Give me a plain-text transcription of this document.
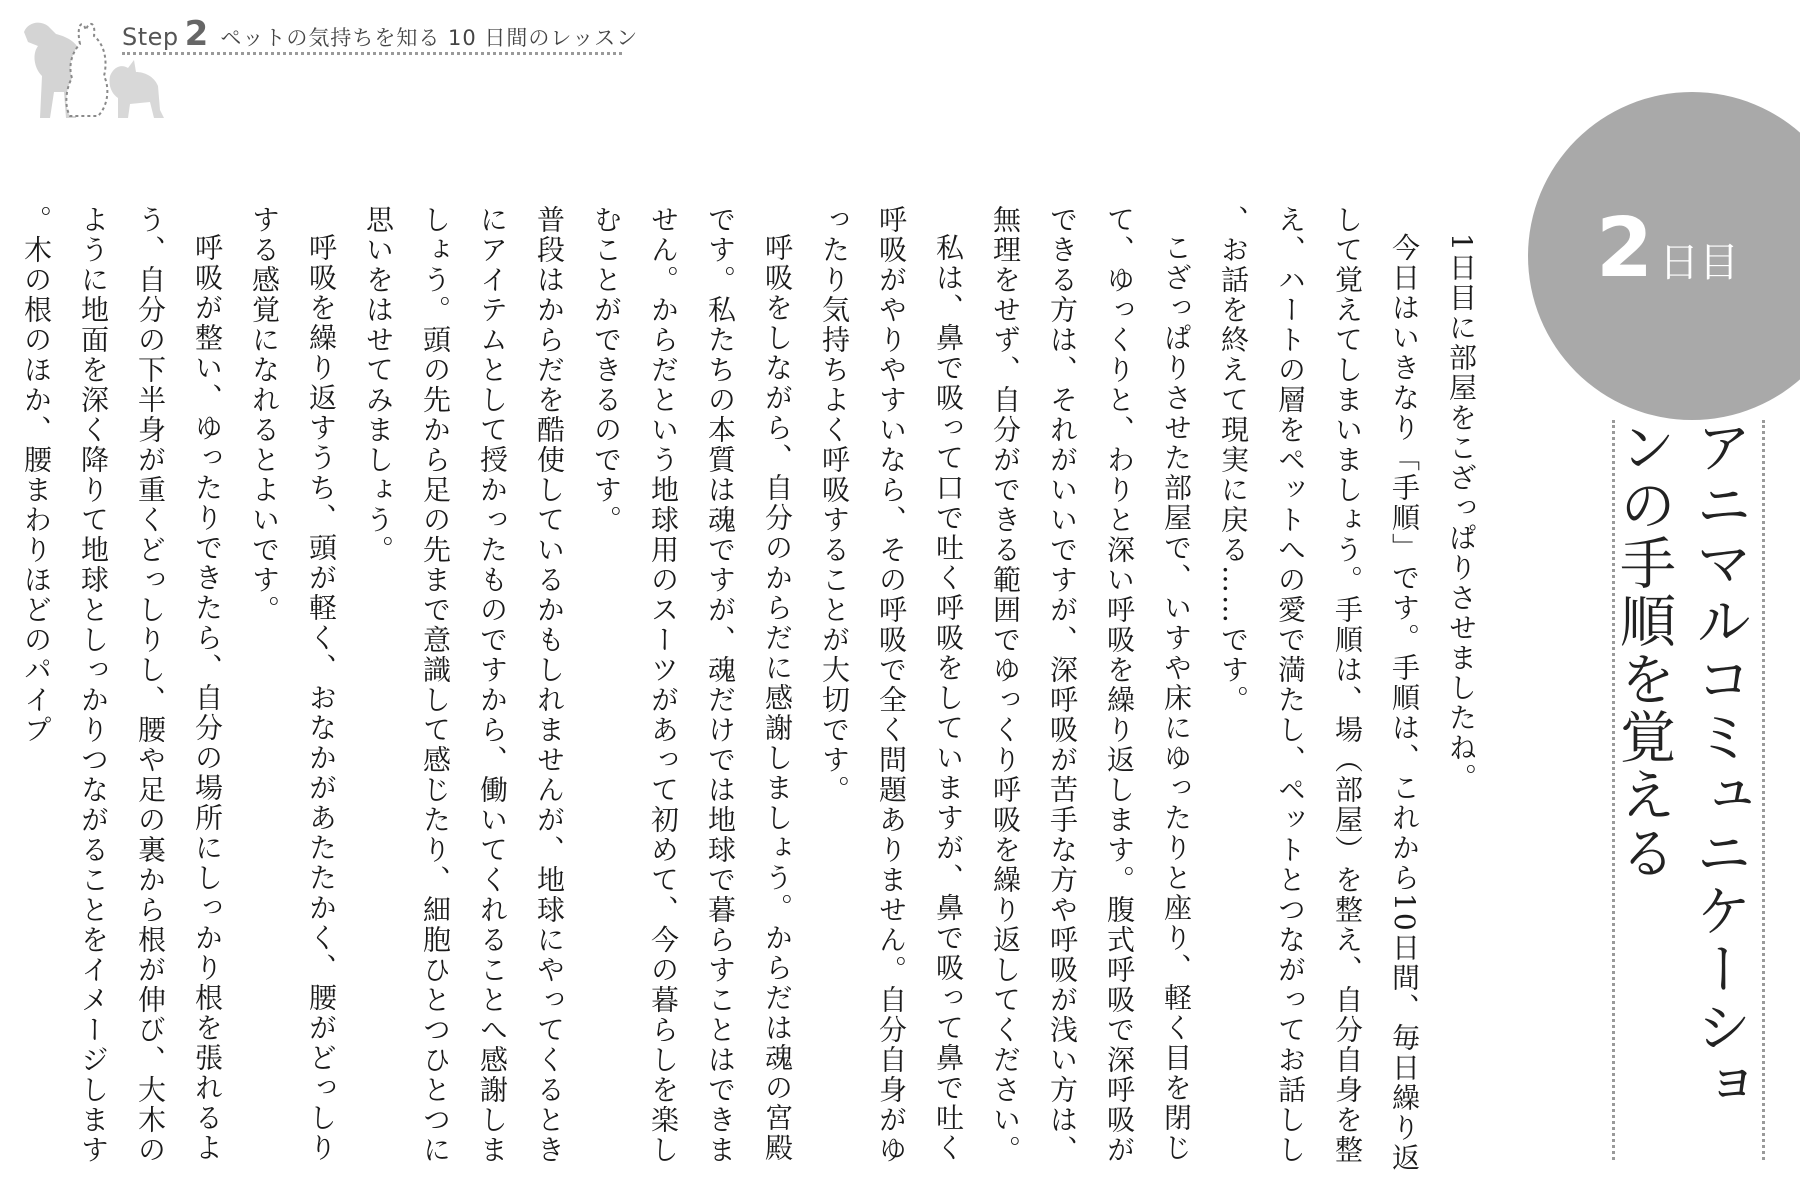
Step 2 ペットの気持ちを知る 10 日間のレッスン
2 日目
アニマルコミュニケーションの手順を覚える

1日目に部屋をこざっぱりさせましたね。

今日はいきなり「手順」です。手順は、これから10日間、毎日繰り返して覚えてしまいましょう。手順は、場（部屋）を整え、自分自身を整え、ハートの層をペットへの愛で満たし、ペットとつながってお話しし、お話を終えて現実に戻る……です。

こざっぱりさせた部屋で、いすや床にゆったりと座り、軽く目を閉じて、ゆっくりと、わりと深い呼吸を繰り返します。腹式呼吸で深呼吸ができる方は、それがいいですが、深呼吸が苦手な方や呼吸が浅い方は、無理をせず、自分ができる範囲でゆっくり呼吸を繰り返してください。

私は、鼻で吸って口で吐く呼吸をしていますが、鼻で吸って鼻で吐く呼吸がやりやすいなら、その呼吸で全く問題ありません。自分自身がゆったり気持ちよく呼吸することが大切です。

呼吸をしながら、自分のからだに感謝しましょう。からだは魂の宮殿です。私たちの本質は魂ですが、魂だけでは地球で暮らすことはできません。からだという地球用のスーツがあって初めて、今の暮らしを楽しむことができるのです。

普段はからだを酷使しているかもしれませんが、地球にやってくるときにアイテムとして授かったものですから、働いてくれることへ感謝しましょう。頭の先から足の先まで意識して感じたり、細胞ひとつひとつに思いをはせてみましょう。

呼吸を繰り返すうち、頭が軽く、おなかがあたたかく、腰がどっしりする感覚になれるとよいです。

呼吸が整い、ゆったりできたら、自分の場所にしっかり根を張れるよう、自分の下半身が重くどっしりし、腰や足の裏から根が伸び、大木のように地面を深く降りて地球としっかりつながることをイメージします。木の根のほか、腰まわりほどのパイプ
